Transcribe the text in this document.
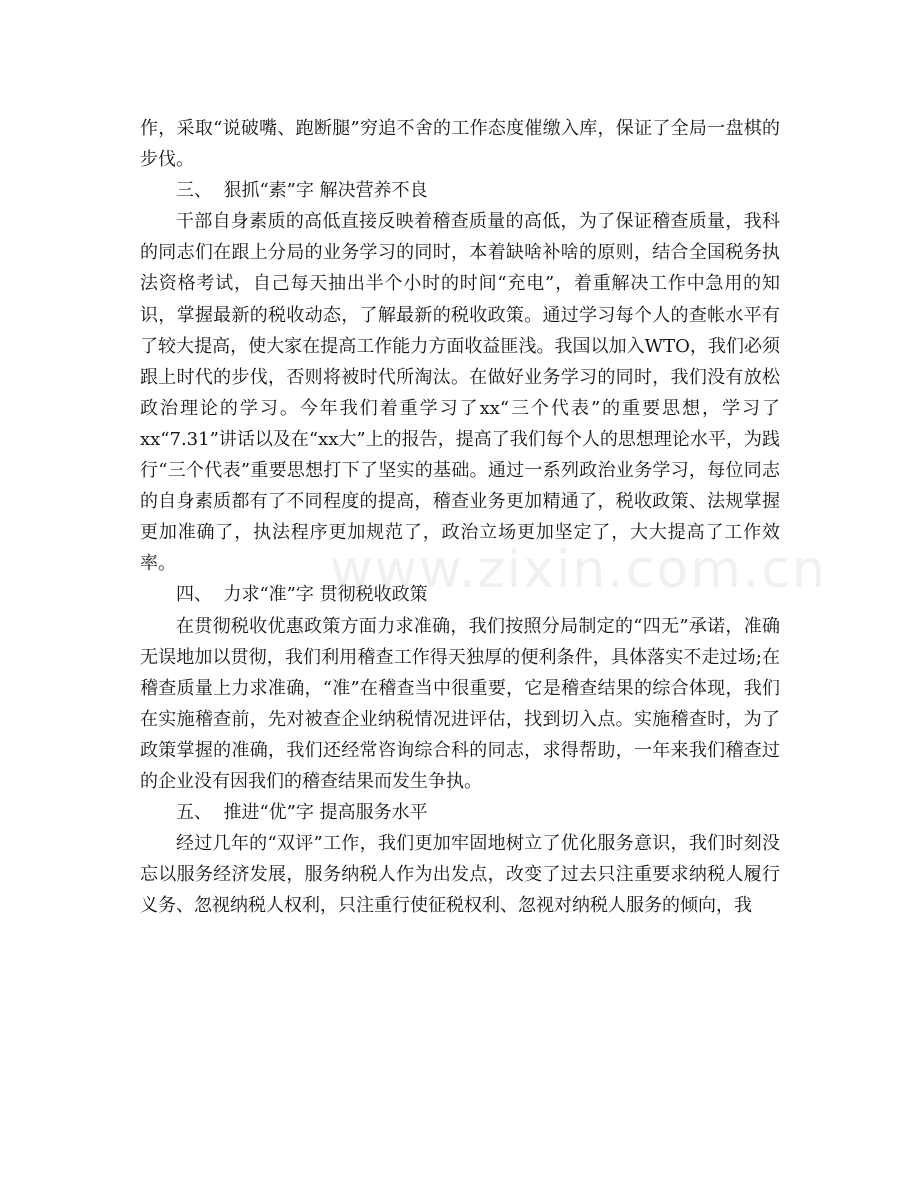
作，采取“说破嘴、跑断腿”穷追不舍的工作态度催缴入库，保证了全局一盘棋的步伐。

三、  狠抓“素”字 解决营养不良

干部自身素质的高低直接反映着稽查质量的高低，为了保证稽查质量，我科的同志们在跟上分局的业务学习的同时，本着缺啥补啥的原则，结合全国税务执法资格考试，自己每天抽出半个小时的时间“充电”，着重解决工作中急用的知识，掌握最新的税收动态，了解最新的税收政策。通过学习每个人的查帐水平有了较大提高，使大家在提高工作能力方面收益匪浅。我国以加入WTO，我们必须跟上时代的步伐，否则将被时代所淘汰。在做好业务学习的同时，我们没有放松政治理论的学习。今年我们着重学习了xx“三个代表”的重要思想，学习了xx“7.31”讲话以及在“xx大”上的报告，提高了我们每个人的思想理论水平，为践行“三个代表”重要思想打下了坚实的基础。通过一系列政治业务学习，每位同志的自身素质都有了不同程度的提高，稽查业务更加精通了，税收政策、法规掌握更加准确了，执法程序更加规范了，政治立场更加坚定了，大大提高了工作效率。

四、  力求“准”字 贯彻税收政策

在贯彻税收优惠政策方面力求准确，我们按照分局制定的“四无”承诺，准确无误地加以贯彻，我们利用稽查工作得天独厚的便利条件，具体落实不走过场;在稽查质量上力求准确，“准”在稽查当中很重要，它是稽查结果的综合体现，我们在实施稽查前，先对被查企业纳税情况进评估，找到切入点。实施稽查时，为了政策掌握的准确，我们还经常咨询综合科的同志，求得帮助，一年来我们稽查过的企业没有因我们的稽查结果而发生争执。

五、  推进“优”字 提高服务水平

经过几年的“双评”工作，我们更加牢固地树立了优化服务意识，我们时刻没忘以服务经济发展，服务纳税人作为出发点，改变了过去只注重要求纳税人履行义务、忽视纳税人权利，只注重行使征税权利、忽视对纳税人服务的倾向，我

www.zixin.com.cn
